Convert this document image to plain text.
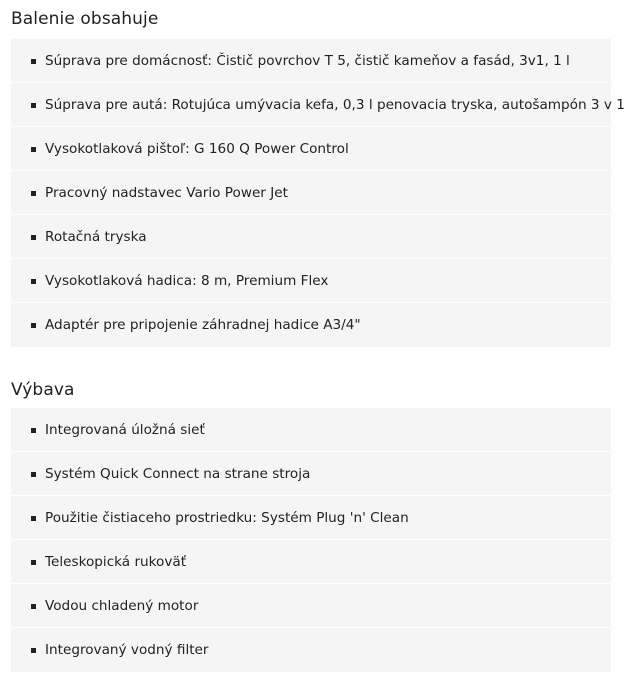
Balenie obsahuje
Súprava pre domácnosť: Čistič povrchov T 5, čistič kameňov a fasád, 3v1, 1 l
Súprava pre autá: Rotujúca umývacia kefa, 0,3 l penovacia tryska, autošampón 3 v 1
Vysokotlaková pištoľ: G 160 Q Power Control
Pracovný nadstavec Vario Power Jet
Rotačná tryska
Vysokotlaková hadica: 8 m, Premium Flex
Adaptér pre pripojenie záhradnej hadice A3/4"
Výbava
Integrovaná úložná sieť
Systém Quick Connect na strane stroja
Použitie čistiaceho prostriedku: Systém Plug 'n' Clean
Teleskopická rukoväť
Vodou chladený motor
Integrovaný vodný filter
